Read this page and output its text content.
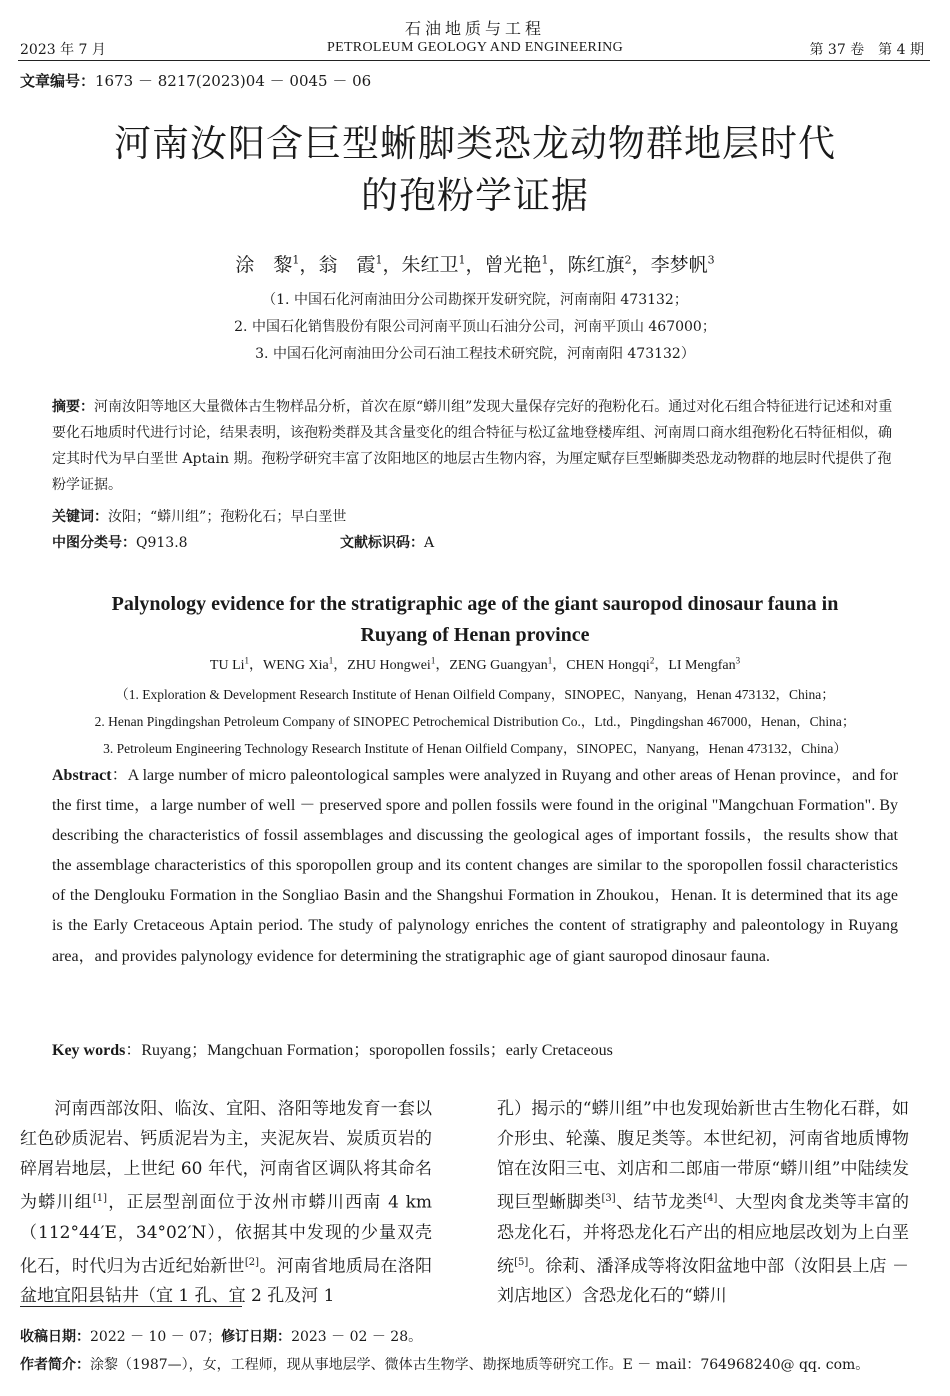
石油地质与工程
2023 年 7 月	PETROLEUM GEOLOGY AND ENGINEERING	第 37 卷　第 4 期
文章编号：1673 － 8217(2023)04 － 0045 － 06
河南汝阳含巨型蜥脚类恐龙动物群地层时代
的孢粉学证据
涂　黎$^1$，翁　霞$^1$，朱红卫$^1$，曾光艳$^1$，陈红旗$^2$，李梦帆$^3$
（1. 中国石化河南油田分公司勘探开发研究院，河南南阳 473132；
2. 中国石化销售股份有限公司河南平顶山石油分公司，河南平顶山 467000；
3. 中国石化河南油田分公司石油工程技术研究院，河南南阳 473132）
摘要：河南汝阳等地区大量微体古生物样品分析，首次在原“蟒川组”发现大量保存完好的孢粉化石。通过对化石组合特征进行记述和对重要化石地质时代进行讨论，结果表明，该孢粉类群及其含量变化的组合特征与松辽盆地登楼库组、河南周口商水组孢粉化石特征相似，确定其时代为早白垩世 Aptain 期。孢粉学研究丰富了汝阳地区的地层古生物内容，为厘定赋存巨型蜥脚类恐龙动物群的地层时代提供了孢粉学证据。
关键词：汝阳；“蟒川组”；孢粉化石；早白垩世
中图分类号：Q913.8	文献标识码：A
Palynology evidence for the stratigraphic age of the giant sauropod dinosaur fauna in
Ruyang of Henan province
TU Li$^1$，WENG Xia$^1$，ZHU Hongwei$^1$，ZENG Guangyan$^1$，CHEN Hongqi$^2$，LI Mengfan$^3$
（1. Exploration & Development Research Institute of Henan Oilfield Company，SINOPEC，Nanyang，Henan 473132，China；
2. Henan Pingdingshan Petroleum Company of SINOPEC Petrochemical Distribution Co.，Ltd.，Pingdingshan 467000，Henan，China；
3. Petroleum Engineering Technology Research Institute of Henan Oilfield Company，SINOPEC，Nanyang，Henan 473132，China）
Abstract：A large number of micro paleontological samples were analyzed in Ruyang and other areas of Henan province，and for the first time，a large number of well － preserved spore and pollen fossils were found in the original "Mangchuan Formation". By describing the characteristics of fossil assemblages and discussing the geological ages of important fossils，the results show that the assemblage characteristics of this sporopollen group and its content changes are similar to the sporopollen fossil characteristics of the Denglouku Formation in the Songliao Basin and the Shangshui Formation in Zhoukou，Henan. It is determined that its age is the Early Cretaceous Aptain period. The study of palynology enriches the content of stratigraphy and paleontology in Ruyang area，and provides palynology evidence for determining the stratigraphic age of giant sauropod dinosaur fauna.
Key words：Ruyang；Mangchuan Formation；sporopollen fossils；early Cretaceous
　　河南西部汝阳、临汝、宜阳、洛阳等地发育一套以红色砂质泥岩、钙质泥岩为主，夹泥灰岩、炭质页岩的碎屑岩地层，上世纪 60 年代，河南省区调队将其命名为蟒川组[1]，正层型剖面位于汝州市蟒川西南 4 km（112°44′E，34°02′N），依据其中发现的少量双壳化石，时代归为古近纪始新世[2]。河南省地质局在洛阳盆地宜阳县钻井（宜 1 孔、宜 2 孔及河 1
孔）揭示的“蟒川组”中也发现始新世古生物化石群，如介形虫、轮藻、腹足类等。本世纪初，河南省地质博物馆在汝阳三屯、刘店和二郎庙一带原“蟒川组”中陆续发现巨型蜥脚类[3]、结节龙类[4]、大型肉食龙类等丰富的恐龙化石，并将恐龙化石产出的相应地层改划为上白垩统[5]。徐莉、潘泽成等将汝阳盆地中部（汝阳县上店 － 刘店地区）含恐龙化石的“蟒川
收稿日期：2022 － 10 － 07；修订日期：2023 － 02 － 28。
作者简介：涂黎（1987—），女，工程师，现从事地层学、微体古生物学、勘探地质等研究工作。E － mail：764968240@ qq. com。
